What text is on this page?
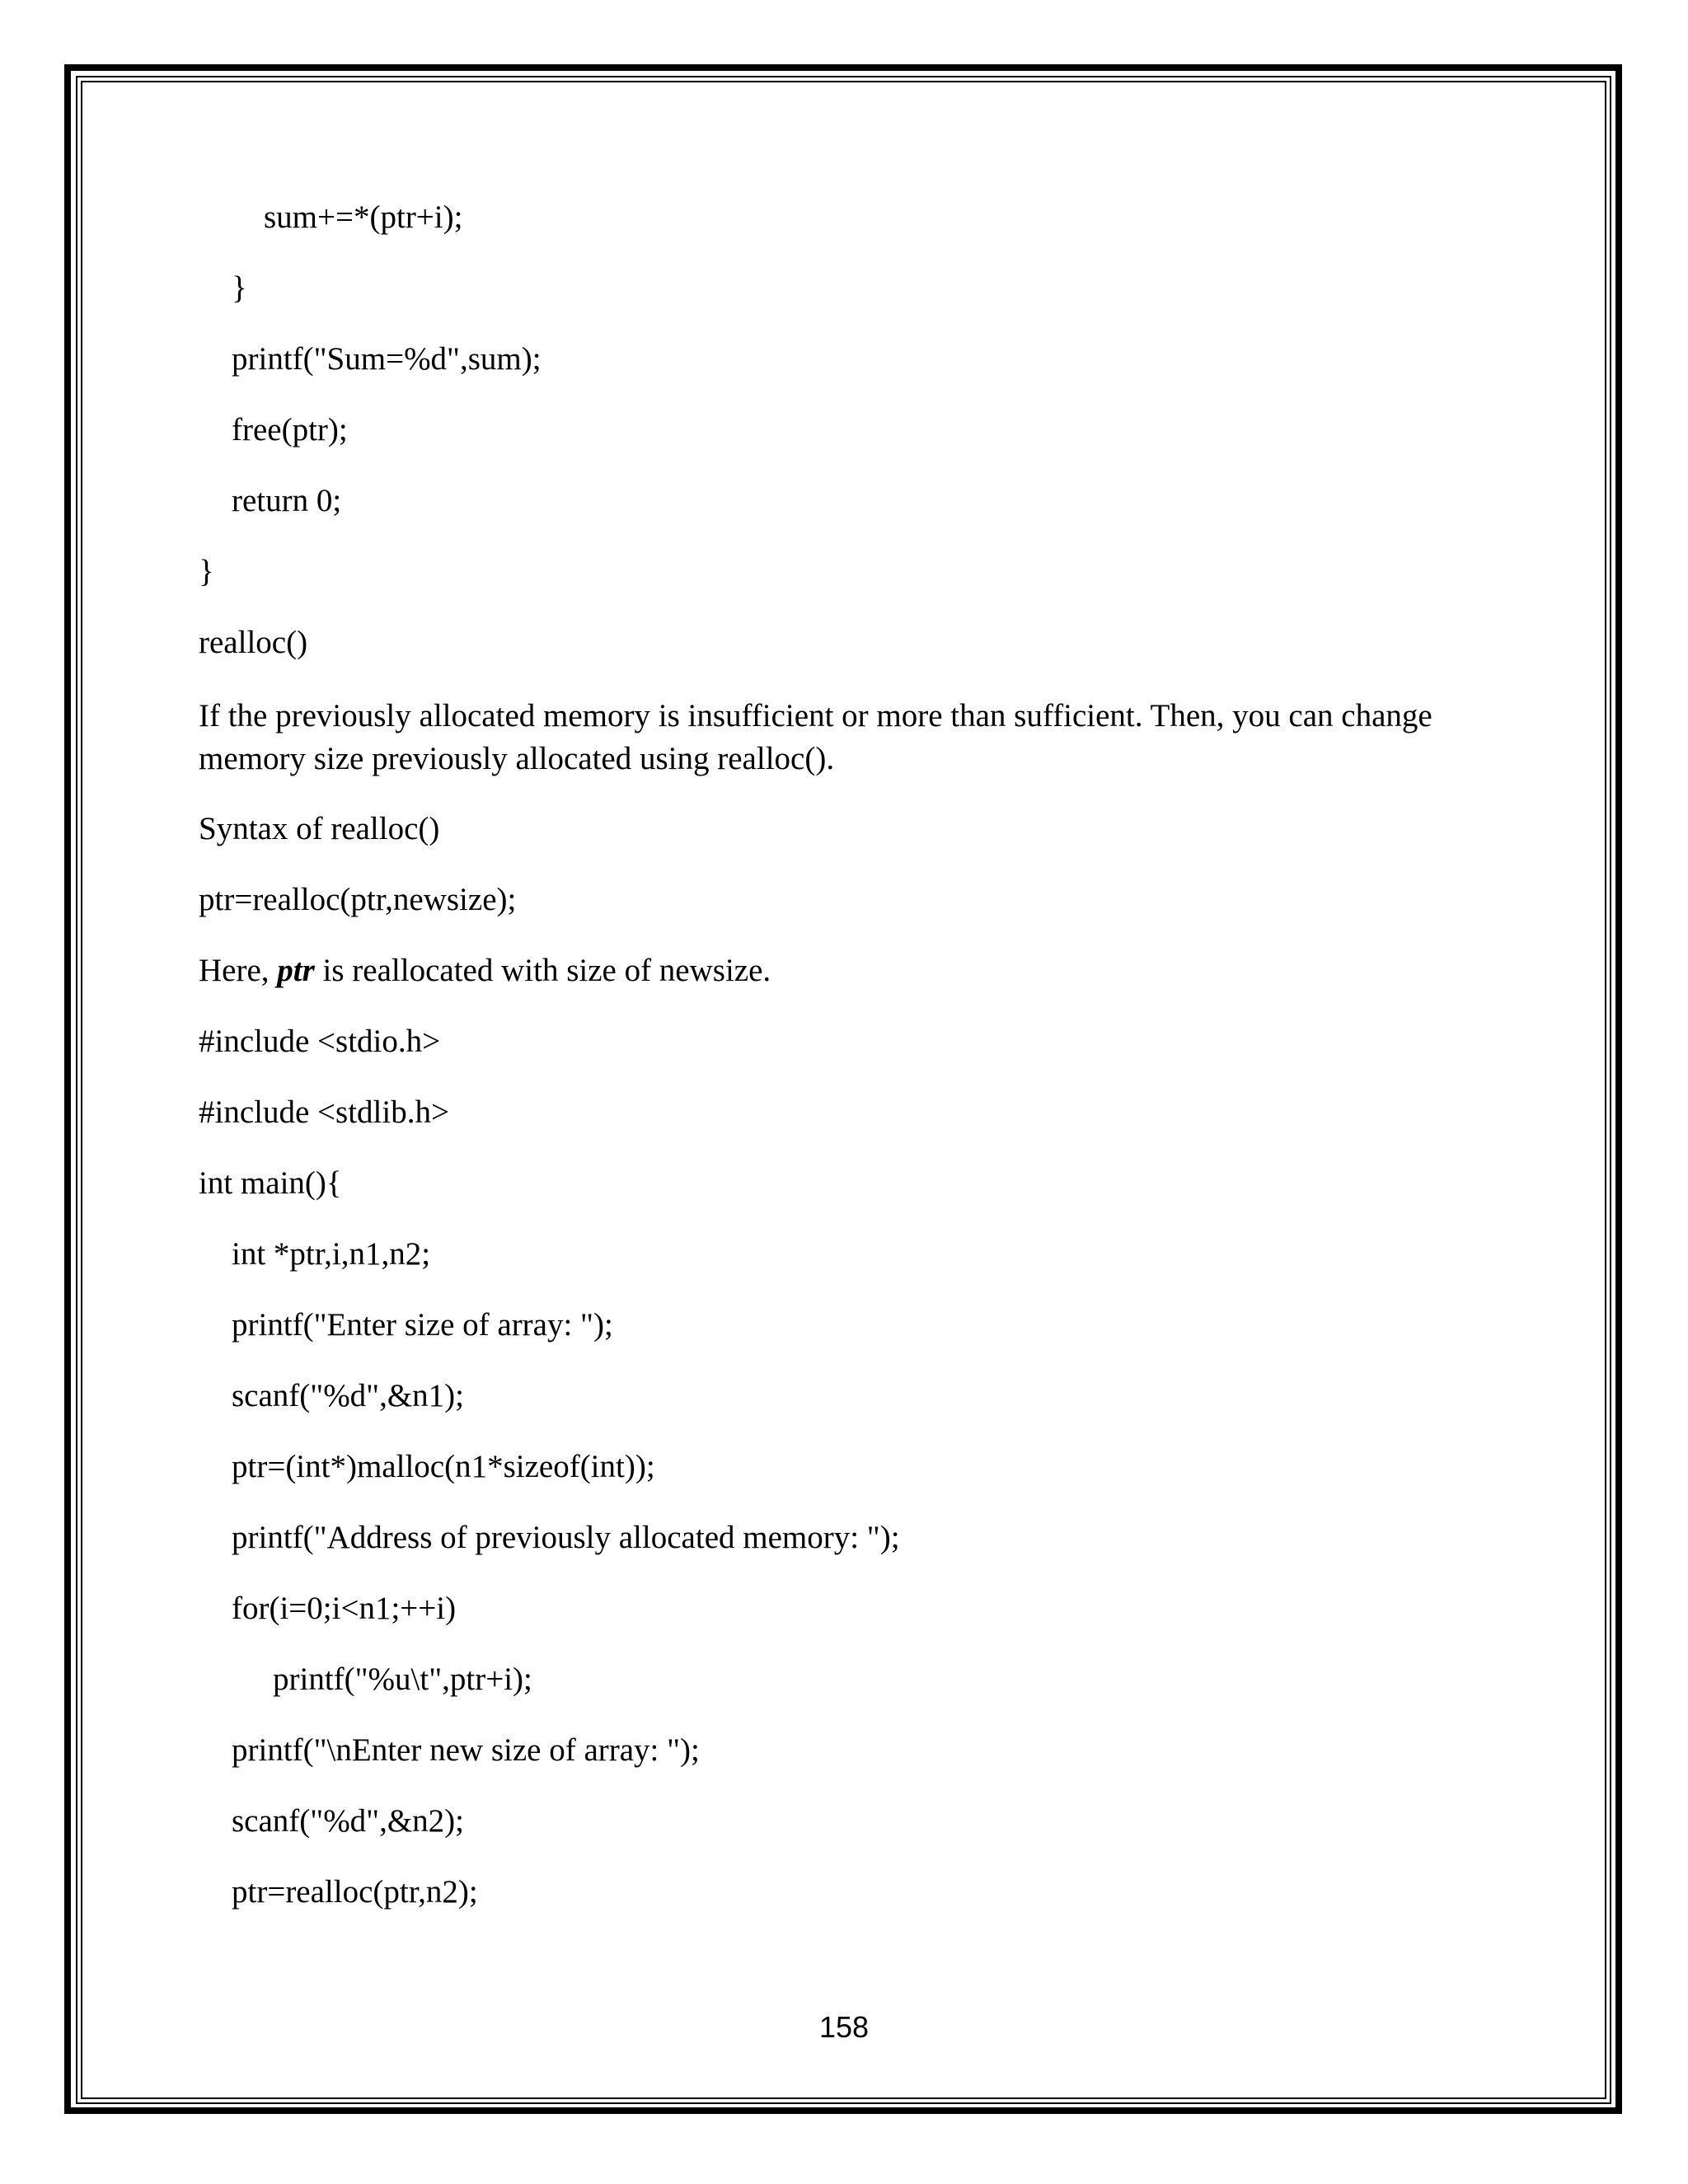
sum+=*(ptr+i);

}

printf("Sum=%d",sum);

free(ptr);

return 0;

}

realloc()

If the previously allocated memory is insufficient or more than sufficient. Then, you can change memory size previously allocated using realloc().

Syntax of realloc()

ptr=realloc(ptr,newsize);

Here, ptr is reallocated with size of newsize.

#include <stdio.h>

#include <stdlib.h>

int main(){

int *ptr,i,n1,n2;

printf("Enter size of array: ");

scanf("%d",&n1);

ptr=(int*)malloc(n1*sizeof(int));

printf("Address of previously allocated memory: ");

for(i=0;i<n1;++i)

printf("%u\t",ptr+i);

printf("\nEnter new size of array: ");

scanf("%d",&n2);

ptr=realloc(ptr,n2);

158
